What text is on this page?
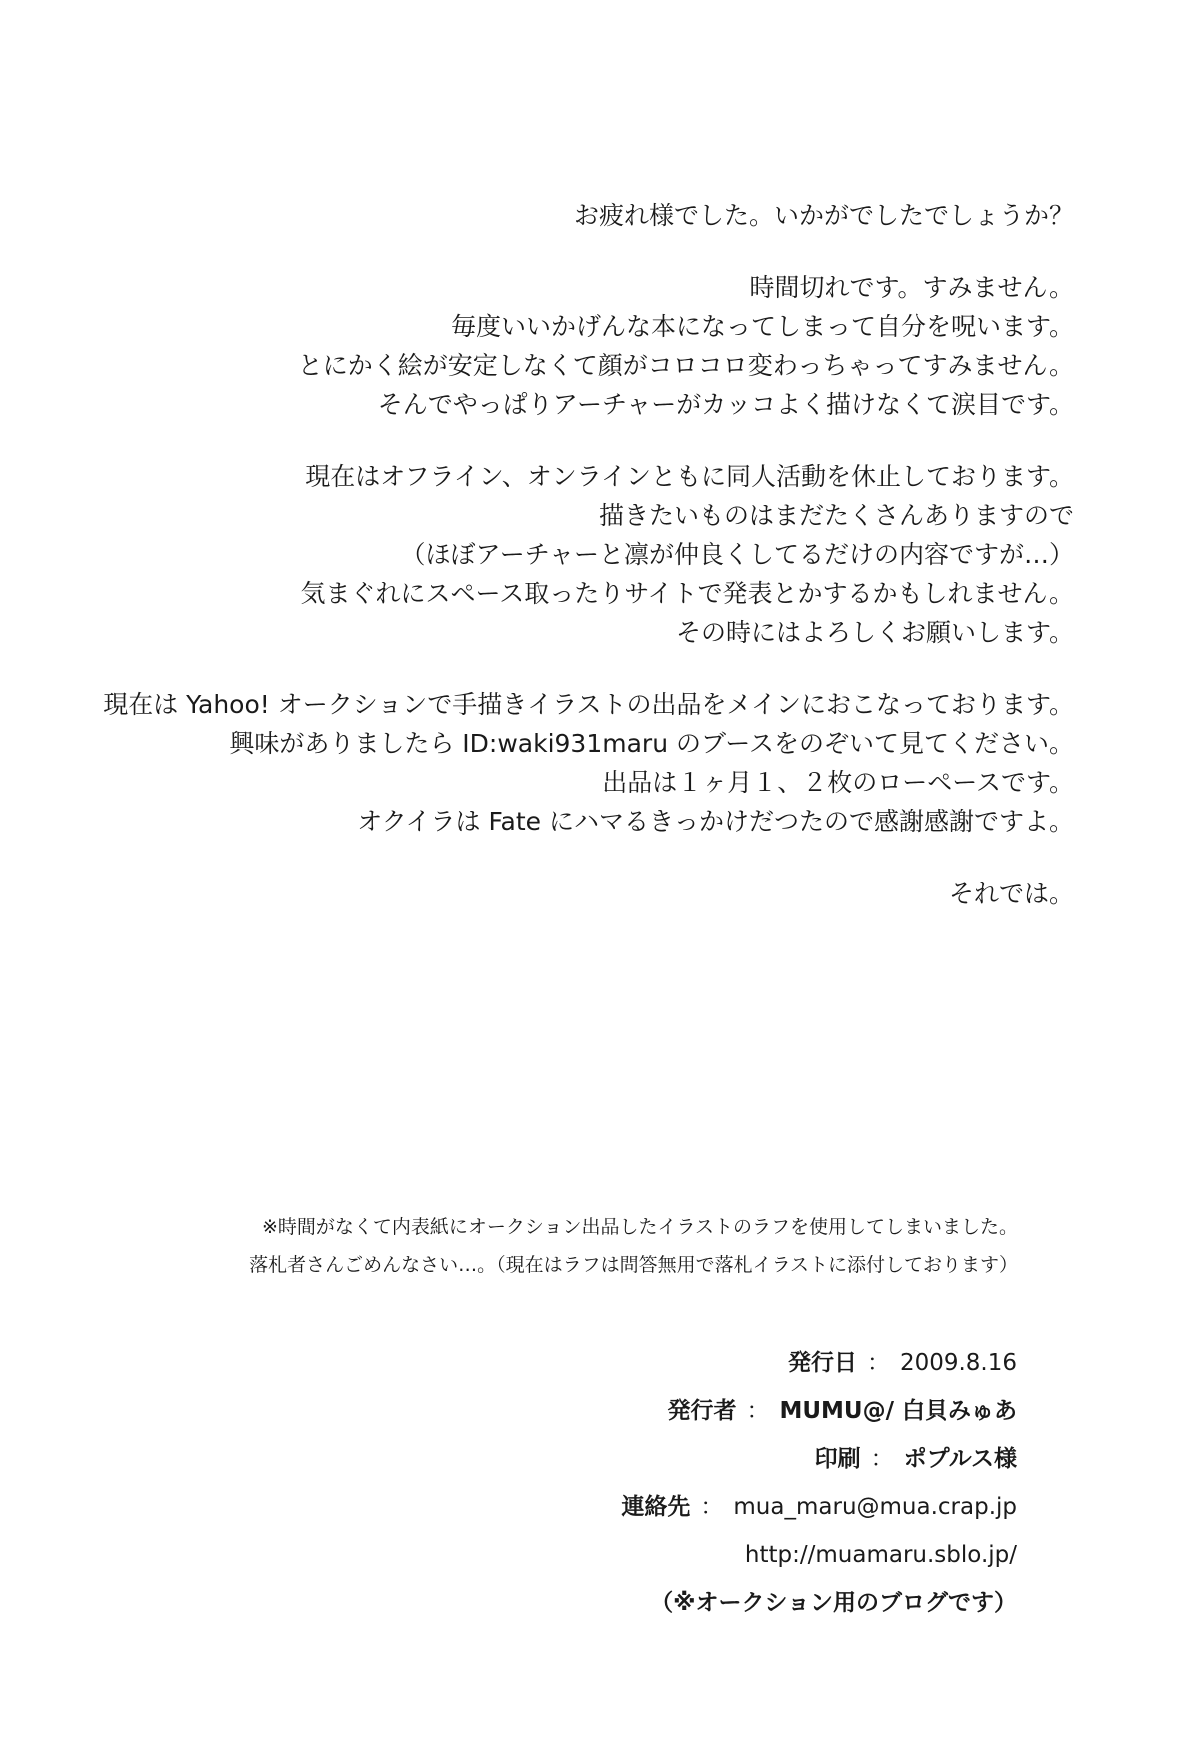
お疲れ様でした。いかがでしたでしょうか？
時間切れです。すみません。
毎度いいかげんな本になってしまって自分を呪います。
とにかく絵が安定しなくて顔がコロコロ変わっちゃってすみません。
そんでやっぱりアーチャーがカッコよく描けなくて涙目です。
現在はオフライン、オンラインともに同人活動を休止しております。
描きたいものはまだたくさんありますので
（ほぼアーチャーと凛が仲良くしてるだけの内容ですが…）
気まぐれにスペース取ったりサイトで発表とかするかもしれません。
その時にはよろしくお願いします。
現在は Yahoo! オークションで手描きイラストの出品をメインにおこなっております。
興味がありましたら ID:waki931maru のブースをのぞいて見てください。
出品は１ヶ月１、２枚のローペースです。
オクイラは Fate にハマるきっかけだつたので感謝感謝ですよ。
それでは。
※時間がなくて内表紙にオークション出品したイラストのラフを使用してしまいました。
落札者さんごめんなさい…。（現在はラフは問答無用で落札イラストに添付しております）
発行日 ： 2009.8.16
発行者 ： MUMU@/ 白貝みゅあ
印刷 ： ポプルス様
連絡先 ： mua_maru@mua.crap.jp
http://muamaru.sblo.jp/
（※オークション用のブログです）
